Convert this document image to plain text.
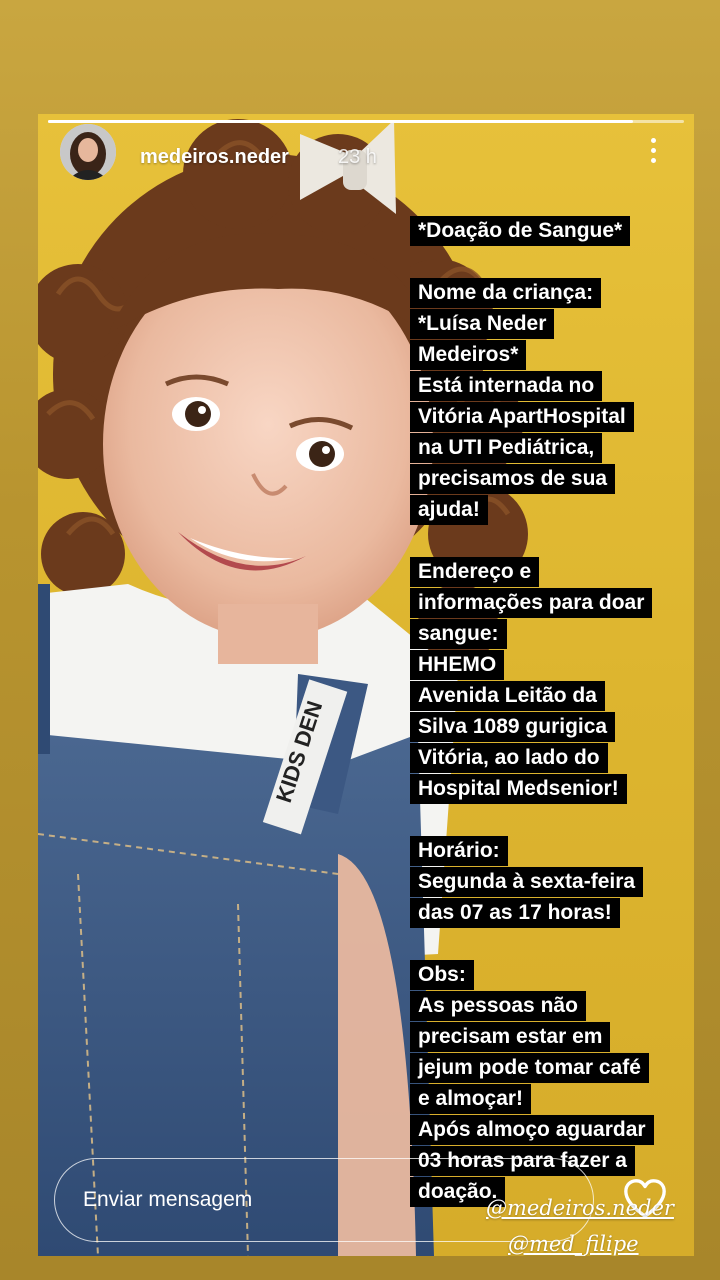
KIDS DEN
medeiros.neder 23 h
*Doação de Sangue*
Nome da criança:
*Luísa Neder
Medeiros*
Está internada no
Vitória ApartHospital
na UTI Pediátrica,
precisamos de sua
ajuda!
Endereço e
informações para doar
sangue:
HHEMO
Avenida Leitão da
Silva 1089 gurigica
Vitória, ao lado do
Hospital Medsenior!
Horário:
Segunda à sexta-feira
das 07 as 17 horas!
Obs:
As pessoas não
precisam estar em
jejum pode tomar café
e almoçar!
Após almoço aguardar
03 horas para fazer a
doação.
Enviar mensagem
@medeiros.neder
@med_filipe
